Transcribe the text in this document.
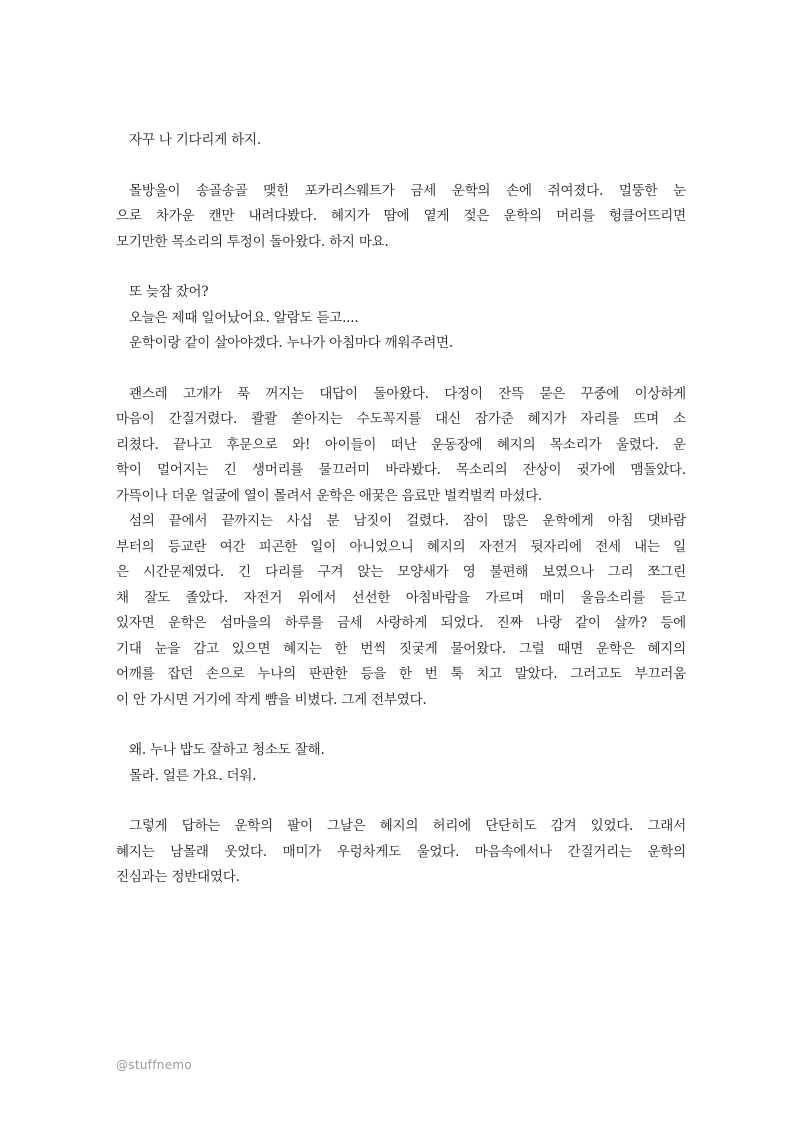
자꾸 나 기다리게 하지.
몰방울이 송골송골 맺힌 포카리스웨트가 금세 운학의 손에 쥐여졌다. 멀뚱한 눈
으로 차가운 캔만 내려다봤다. 혜지가 땀에 옅게 젖은 운학의 머리를 헝클어뜨리면
모기만한 목소리의 투정이 돌아왔다. 하지 마요.
또 늦잠 잤어?
오늘은 제때 일어났어요. 알람도 듣고....
운학이랑 같이 살아야겠다. 누나가 아침마다 깨워주려면.
괜스레 고개가 푹 꺼지는 대답이 돌아왔다. 다정이 잔뜩 묻은 꾸중에 이상하게
마음이 간질거렸다. 콸콸 쏟아지는 수도꼭지를 대신 잠가준 혜지가 자리를 뜨며 소
리쳤다. 끝나고 후문으로 와! 아이들이 떠난 운동장에 혜지의 목소리가 울렸다. 운
학이 멀어지는 긴 생머리를 물끄러미 바라봤다. 목소리의 잔상이 귓가에 맴돌았다.
가뜩이나 더운 얼굴에 열이 몰려서 운학은 애꿎은 음료만 벌컥벌컥 마셨다.
섬의 끝에서 끝까지는 사십 분 남짓이 걸렸다. 잠이 많은 운학에게 아침 댓바람
부터의 등교란 여간 피곤한 일이 아니었으니 혜지의 자전거 뒷자리에 전세 내는 일
은 시간문제였다. 긴 다리를 구겨 앉는 모양새가 영 불편해 보였으나 그리 쪼그린
채 잘도 졸았다. 자전거 위에서 선선한 아침바람을 가르며 매미 울음소리를 듣고
있자면 운학은 섬마을의 하루를 금세 사랑하게 되었다. 진짜 나랑 같이 살까? 등에
기대 눈을 감고 있으면 혜지는 한 번씩 짓궂게 물어왔다. 그럴 때면 운학은 혜지의
어깨를 잡던 손으로 누나의 판판한 등을 한 번 툭 치고 말았다. 그러고도 부끄러움
이 안 가시면 거기에 작게 뺨을 비볐다. 그게 전부였다.
왜. 누나 밥도 잘하고 청소도 잘해.
몰라. 얼른 가요. 더워.
그렇게 답하는 운학의 팔이 그날은 혜지의 허리에 단단히도 감겨 있었다. 그래서
혜지는 남몰래 웃었다. 매미가 우렁차게도 울었다. 마음속에서나 간질거리는 운학의
진심과는 정반대였다.
@stuffnemo
